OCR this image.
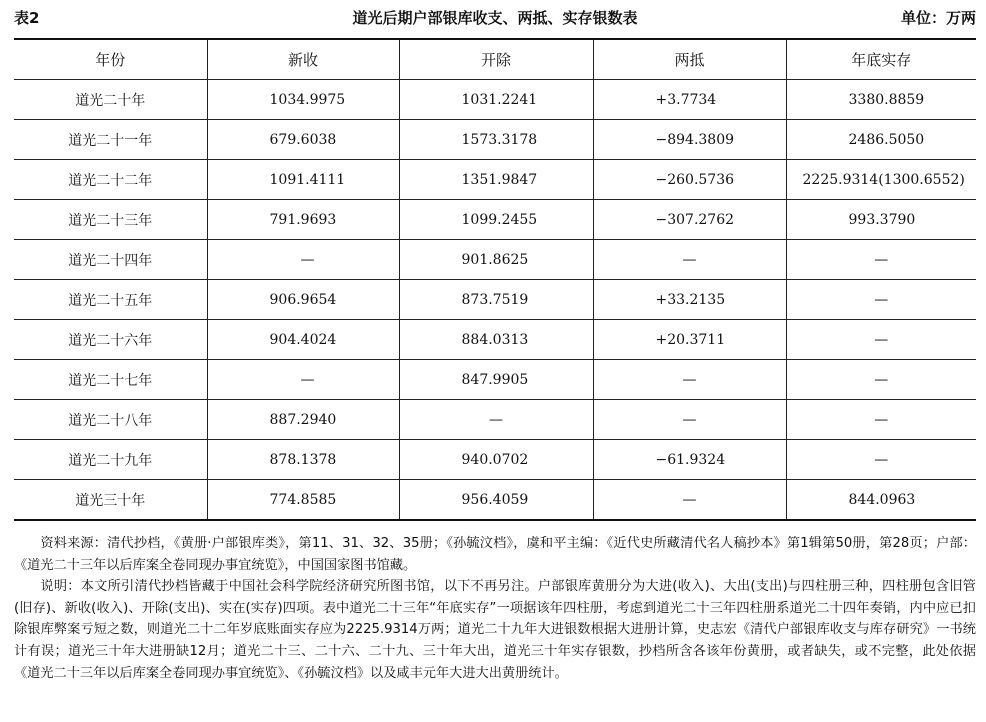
表2	道光后期户部银库收支、两抵、实存银数表	单位：万两
年份	新收	开除	两抵	年底实存
道光二十年	1034.9975	1031.2241	+3.7734	3380.8859
道光二十一年	679.6038	1573.3178	−894.3809	2486.5050
道光二十二年	1091.4111	1351.9847	−260.5736	2225.9314(1300.6552)
道光二十三年	791.9693	1099.2455	−307.2762	993.3790
道光二十四年	—	901.8625	—	—
道光二十五年	906.9654	873.7519	+33.2135	—
道光二十六年	904.4024	884.0313	+20.3711	—
道光二十七年	—	847.9905	—	—
道光二十八年	887.2940	—	—	—
道光二十九年	878.1378	940.0702	−61.9324	—
道光三十年	774.8585	956.4059	—	844.0963

资料来源：清代抄档，《黄册·户部银库类》，第11、31、32、35册；《孙毓汶档》，虞和平主编：《近代史所藏清代名人稿抄本》第1辑第50册，第28页；户部：《道光二十三年以后库案全卷同现办事宜统览》，中国国家图书馆藏。

说明：本文所引清代抄档皆藏于中国社会科学院经济研究所图书馆，以下不再另注。户部银库黄册分为大进(收入)、大出(支出)与四柱册三种，四柱册包含旧管(旧存)、新收(收入)、开除(支出)、实在(实存)四项。表中道光二十三年“年底实存”一项据该年四柱册，考虑到道光二十三年四柱册系道光二十四年奏销，内中应已扣除银库弊案亏短之数，则道光二十二年岁底账面实存应为2225.9314万两；道光二十九年大进银数根据大进册计算，史志宏《清代户部银库收支与库存研究》一书统计有误；道光三十年大进册缺12月；道光二十三、二十六、二十九、三十年大出，道光三十年实存银数，抄档所含各该年份黄册，或者缺失，或不完整，此处依据《道光二十三年以后库案全卷同现办事宜统览》、《孙毓汶档》以及咸丰元年大进大出黄册统计。
